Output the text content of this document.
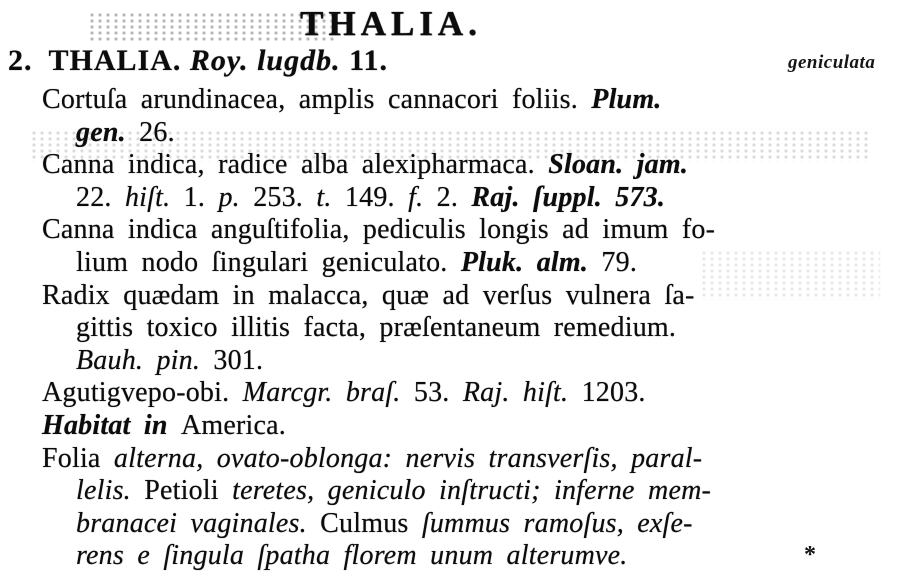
THALIA.
2. THALIA. Roy. lugdb. 11.	geniculata
Cortuſa arundinacea, amplis cannacori foliis. Plum.
gen. 26.
Canna indica, radice alba alexipharmaca. Sloan. jam.
22. hiſt. 1. p. 253. t. 149. f. 2. Raj. ſuppl. 573.
Canna indica anguſtifolia, pediculis longis ad imum fo-
lium nodo ſingulari geniculato. Pluk. alm. 79.
Radix quædam in malacca, quæ ad verſus vulnera ſa-
gittis toxico illitis facta, præſentaneum remedium.
Bauh. pin. 301.
Agutigvepo-obi. Marcgr. braſ. 53. Raj. hiſt. 1203.
Habitat in America.
Folia alterna, ovato-oblonga: nervis transverſis, paral-
lelis. Petioli teretes, geniculo inſtructi; inferne mem-
branacei vaginales. Culmus ſummus ramoſus, exſe-
rens e ſingula ſpatha florem unum alterumve.	*
